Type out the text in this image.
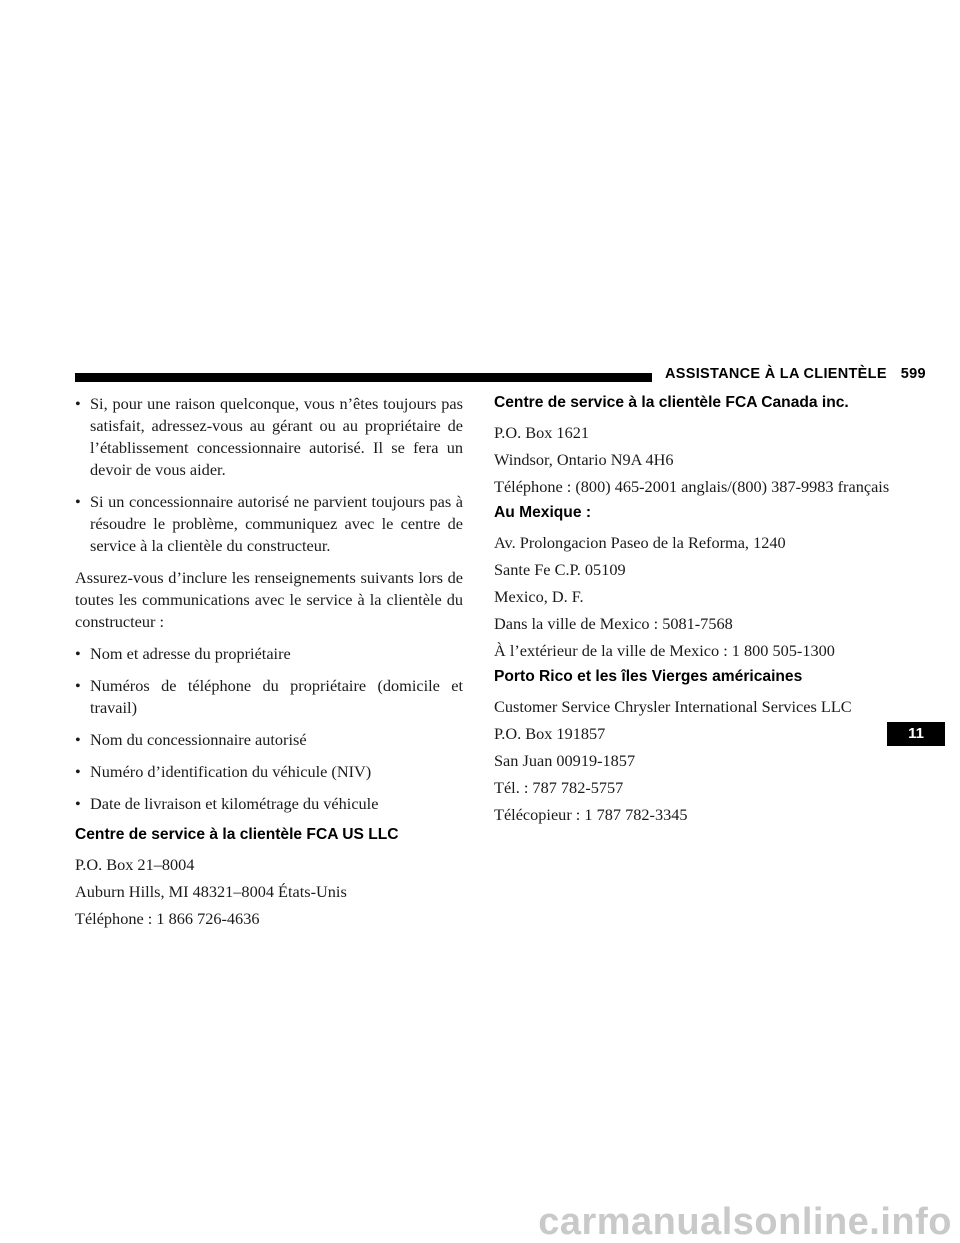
ASSISTANCE À LA CLIENTÈLE 599
• Si, pour une raison quelconque, vous n’êtes toujours pas satisfait, adressez-vous au gérant ou au propriétaire de l’établissement concessionnaire autorisé. Il se fera un devoir de vous aider.
• Si un concessionnaire autorisé ne parvient toujours pas à résoudre le problème, communiquez avec le centre de service à la clientèle du constructeur.

Assurez-vous d’inclure les renseignements suivants lors de toutes les communications avec le service à la clientèle du constructeur :

• Nom et adresse du propriétaire
• Numéros de téléphone du propriétaire (domicile et travail)
• Nom du concessionnaire autorisé
• Numéro d’identification du véhicule (NIV)
• Date de livraison et kilométrage du véhicule
Centre de service à la clientèle FCA US LLC
P.O. Box 21–8004
Auburn Hills, MI 48321–8004 États-Unis
Téléphone : 1 866 726-4636
Centre de service à la clientèle FCA Canada inc.
P.O. Box 1621
Windsor, Ontario N9A 4H6
Téléphone : (800) 465-2001 anglais/(800) 387-9983 français
Au Mexique :
Av. Prolongacion Paseo de la Reforma, 1240
Sante Fe C.P. 05109
Mexico, D. F.
Dans la ville de Mexico : 5081-7568
À l’extérieur de la ville de Mexico : 1 800 505-1300
Porto Rico et les îles Vierges américaines
Customer Service Chrysler International Services LLC
P.O. Box 191857
San Juan 00919-1857
Tél. : 787 782-5757
Télécopieur : 1 787 782-3345
11
carmanualsonline.info
